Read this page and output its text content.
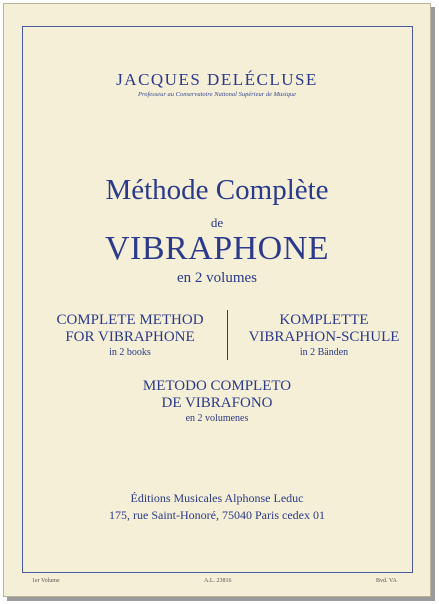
JACQUES DELÉCLUSE
Professeur au Conservatoire National Supérieur de Musique
Méthode Complète
de
VIBRAPHONE
en 2 volumes
COMPLETE METHOD
FOR VIBRAPHONE
in 2 books
KOMPLETTE
VIBRAPHON-SCHULE
in 2 Bänden
METODO COMPLETO
DE VIBRAFONO
en 2 volumenes
Éditions Musicales Alphonse Leduc
175, rue Saint-Honoré, 75040 Paris cedex 01
1er Volume	A.L. 23816	Bvd. VA
